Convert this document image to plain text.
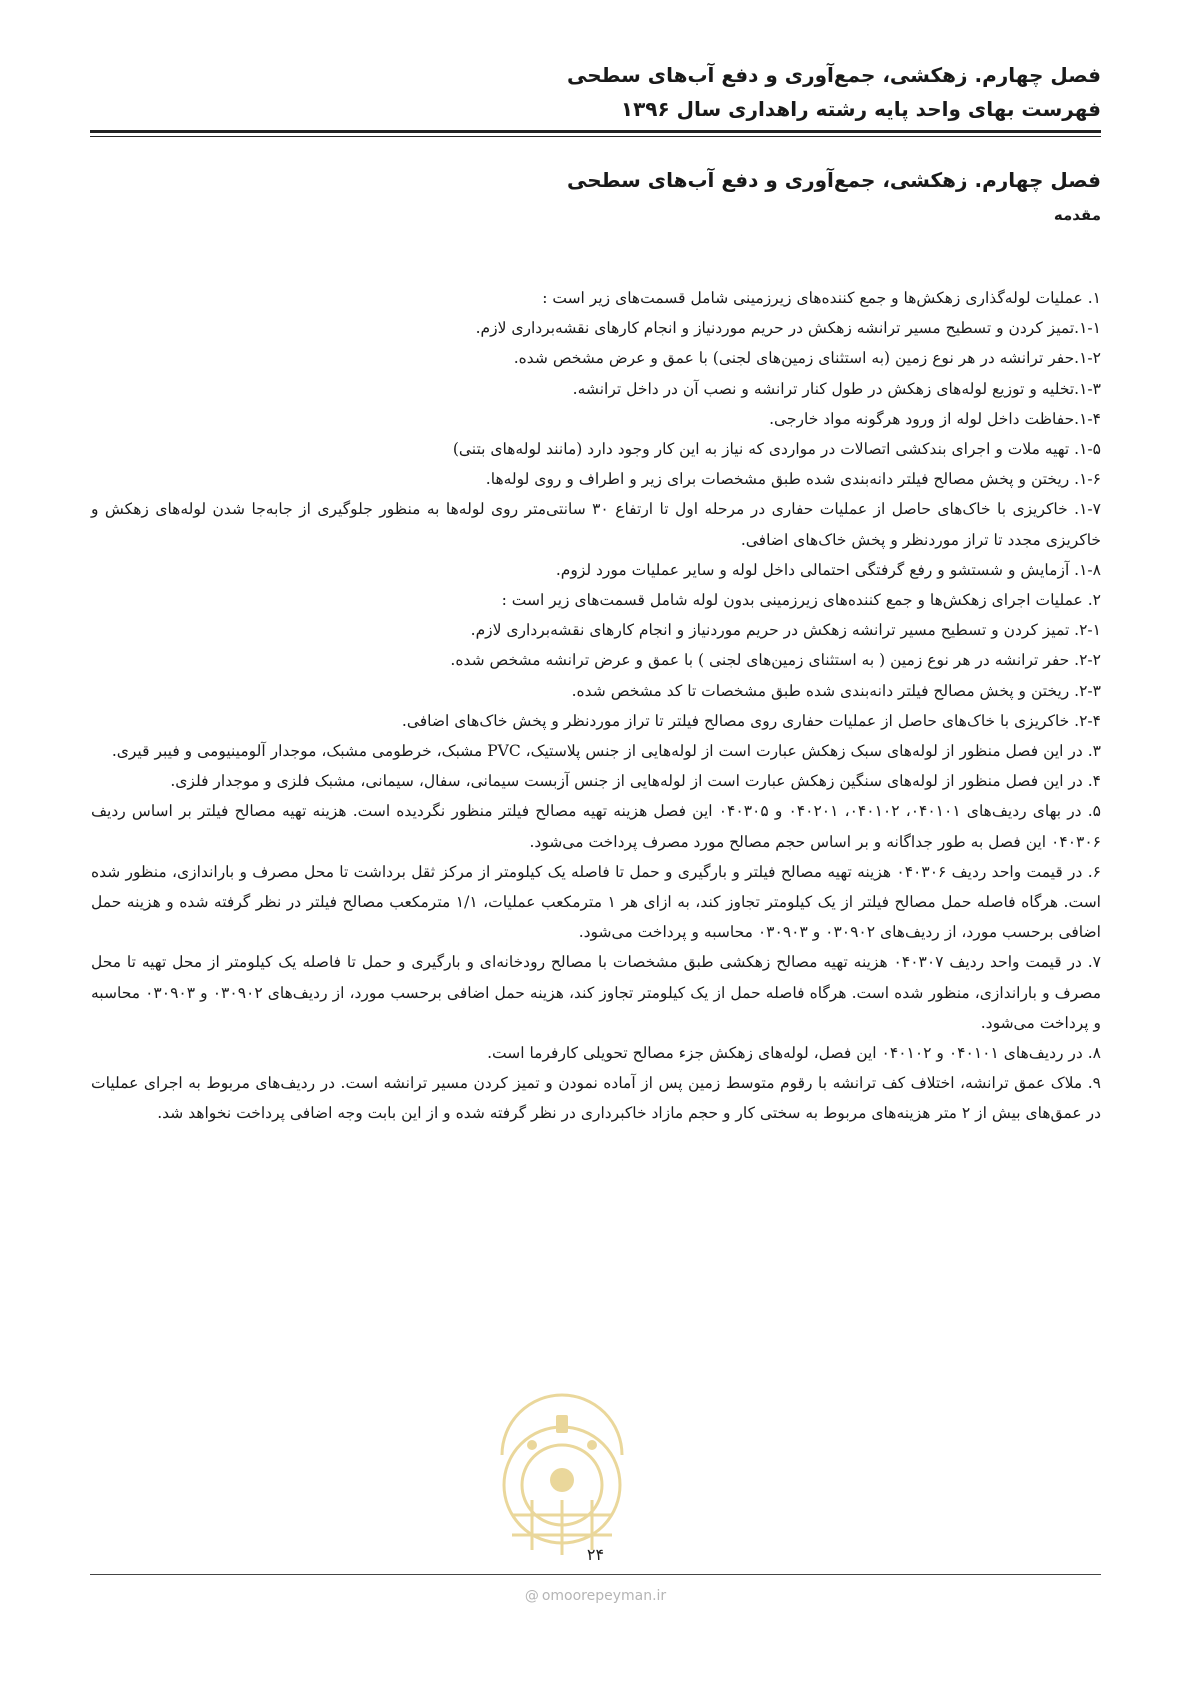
فصل چهارم. زهکشی، جمع‌آوری و دفع آب‌های سطحی
فهرست بهای واحد پایه رشته راهداری سال ۱۳۹۶
فصل چهارم. زهکشی، جمع‌آوری و دفع آب‌های سطحی
مقدمه

۱. عملیات لوله‌گذاری زهکش‌ها و جمع کننده‌های زیرزمینی شامل قسمت‌های زیر است :

۱-۱.تمیز کردن و تسطیح مسیر ترانشه زهکش در حریم موردنیاز و انجام کارهای نقشه‌برداری لازم.

۱-۲.حفر ترانشه در هر نوع زمین (به استثنای زمین‌های لجنی) با عمق و عرض مشخص شده.

۱-۳.تخلیه و توزیع لوله‌های زهکش در طول کنار ترانشه و نصب آن در داخل ترانشه.

۱-۴.حفاظت داخل لوله از ورود هرگونه مواد خارجی.

۱-۵. تهیه ملات و اجرای بندکشی اتصالات در مواردی که نیاز به این کار وجود دارد (مانند لوله‌های بتنی)

۱-۶. ریختن و پخش مصالح فیلتر دانه‌بندی شده طبق مشخصات برای زیر و اطراف و روی لوله‌ها.

۱-۷. خاکریزی با خاک‌های حاصل از عملیات حفاری در مرحله اول تا ارتفاع ۳۰ سانتی‌متر روی لوله‌ها به منظور جلوگیری از جابه‌جا شدن لوله‌های زهکش و خاکریزی مجدد تا تراز موردنظر و پخش خاک‌های اضافی.

۱-۸. آزمایش و شستشو و رفع گرفتگی احتمالی داخل لوله و سایر عملیات مورد لزوم.

۲. عملیات اجرای زهکش‌ها و جمع کننده‌های زیرزمینی بدون لوله شامل قسمت‌های زیر است :

۲-۱. تمیز کردن و تسطیح مسیر ترانشه زهکش در حریم موردنیاز و انجام کارهای نقشه‌برداری لازم.

۲-۲. حفر ترانشه در هر نوع زمین ( به استثنای زمین‌های لجنی ) با عمق و عرض ترانشه مشخص شده.

۲-۳. ریختن و پخش مصالح فیلتر دانه‌بندی شده طبق مشخصات تا کد مشخص شده.

۲-۴. خاکریزی با خاک‌های حاصل از عملیات حفاری روی مصالح فیلتر تا تراز موردنظر و پخش خاک‌های اضافی.

۳. در این فصل منظور از لوله‌های سبک زهکش عبارت است از لوله‌هایی از جنس پلاستیک، PVC مشبک، خرطومی مشبک، موجدار آلومینیومی و فیبر قیری.

۴. در این فصل منظور از لوله‌های سنگین زهکش عبارت است از لوله‌هایی از جنس آزبست سیمانی، سفال، سیمانی، مشبک فلزی و موجدار فلزی.

۵. در بهای ردیف‌های ۰۴۰۱۰۱، ۰۴۰۱۰۲، ۰۴۰۲۰۱ و ۰۴۰۳۰۵ این فصل هزینه تهیه مصالح فیلتر منظور نگردیده است. هزینه تهیه مصالح فیلتر بر اساس ردیف ۰۴۰۳۰۶ این فصل به طور جداگانه و بر اساس حجم مصالح مورد مصرف پرداخت می‌شود.

۶. در قیمت واحد ردیف ۰۴۰۳۰۶ هزینه تهیه مصالح فیلتر و بارگیری و حمل تا فاصله یک کیلومتر از مرکز ثقل برداشت تا محل مصرف و باراندازی، منظور شده است. هرگاه فاصله حمل مصالح فیلتر از یک کیلومتر تجاوز کند، به ازای هر ۱ مترمکعب عملیات، ۱/۱ مترمکعب مصالح فیلتر در نظر گرفته شده و هزینه حمل اضافی برحسب مورد، از ردیف‌های ۰۳۰۹۰۲ و ۰۳۰۹۰۳ محاسبه و پرداخت می‌شود.

۷. در قیمت واحد ردیف ۰۴۰۳۰۷ هزینه تهیه مصالح زهکشی طبق مشخصات با مصالح رودخانه‌ای و بارگیری و حمل تا فاصله یک کیلومتر از محل تهیه تا محل مصرف و باراندازی، منظور شده است. هرگاه فاصله حمل از یک کیلومتر تجاوز کند، هزینه حمل اضافی برحسب مورد، از ردیف‌های ۰۳۰۹۰۲ و ۰۳۰۹۰۳ محاسبه و پرداخت می‌شود.

۸. در ردیف‌های ۰۴۰۱۰۱ و ۰۴۰۱۰۲ این فصل، لوله‌های زهکش جزء مصالح تحویلی کارفرما است.

۹. ملاک عمق ترانشه، اختلاف کف ترانشه با رقوم متوسط زمین پس از آماده نمودن و تمیز کردن مسیر ترانشه است. در ردیف‌های مربوط به اجرای عملیات در عمق‌های بیش از ۲ متر هزینه‌های مربوط به سختی کار و حجم مازاد خاکبرداری در نظر گرفته شده و از این بابت وجه اضافی پرداخت نخواهد شد.

۲۴
@ omoorepeyman.ir
